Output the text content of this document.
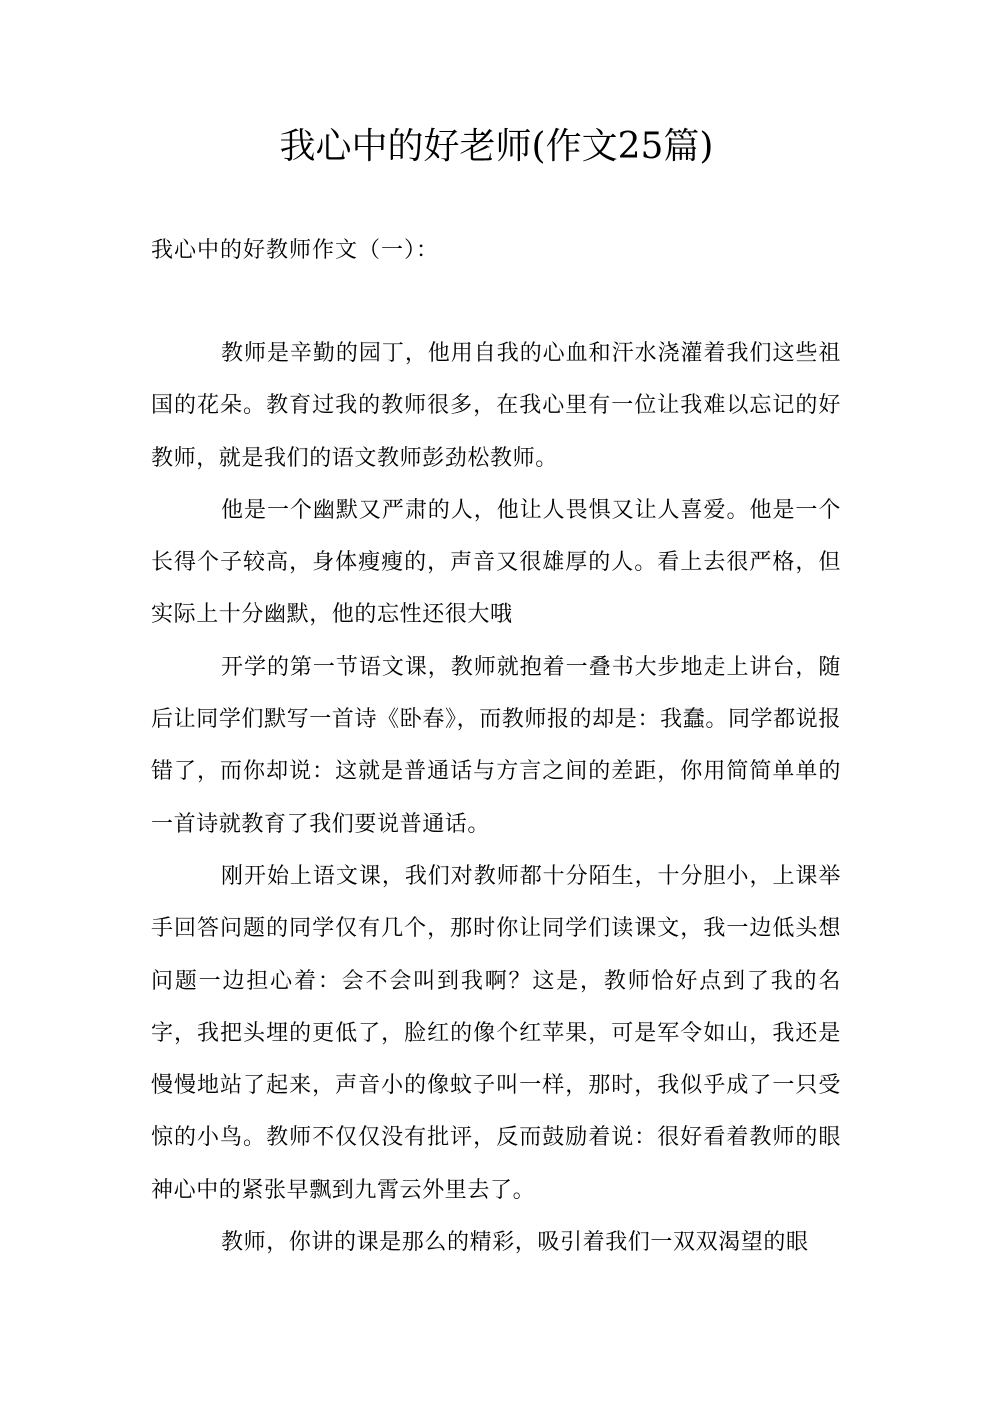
我心中的好老师(作文25篇)

我心中的好教师作文（一）：

教师是辛勤的园丁，他用自我的心血和汗水浇灌着我们这些祖国的花朵。教育过我的教师很多，在我心里有一位让我难以忘记的好教师，就是我们的语文教师彭劲松教师。

他是一个幽默又严肃的人，他让人畏惧又让人喜爱。他是一个长得个子较高，身体瘦瘦的，声音又很雄厚的人。看上去很严格，但实际上十分幽默，他的忘性还很大哦

开学的第一节语文课，教师就抱着一叠书大步地走上讲台，随后让同学们默写一首诗《卧春》，而教师报的却是：我蠢。同学都说报错了，而你却说：这就是普通话与方言之间的差距，你用简简单单的一首诗就教育了我们要说普通话。

刚开始上语文课，我们对教师都十分陌生，十分胆小，上课举手回答问题的同学仅有几个，那时你让同学们读课文，我一边低头想问题一边担心着：会不会叫到我啊？这是，教师恰好点到了我的名字，我把头埋的更低了，脸红的像个红苹果，可是军令如山，我还是慢慢地站了起来，声音小的像蚊子叫一样，那时，我似乎成了一只受惊的小鸟。教师不仅仅没有批评，反而鼓励着说：很好看着教师的眼神心中的紧张早飘到九霄云外里去了。

教师，你讲的课是那么的精彩，吸引着我们一双双渴望的眼
